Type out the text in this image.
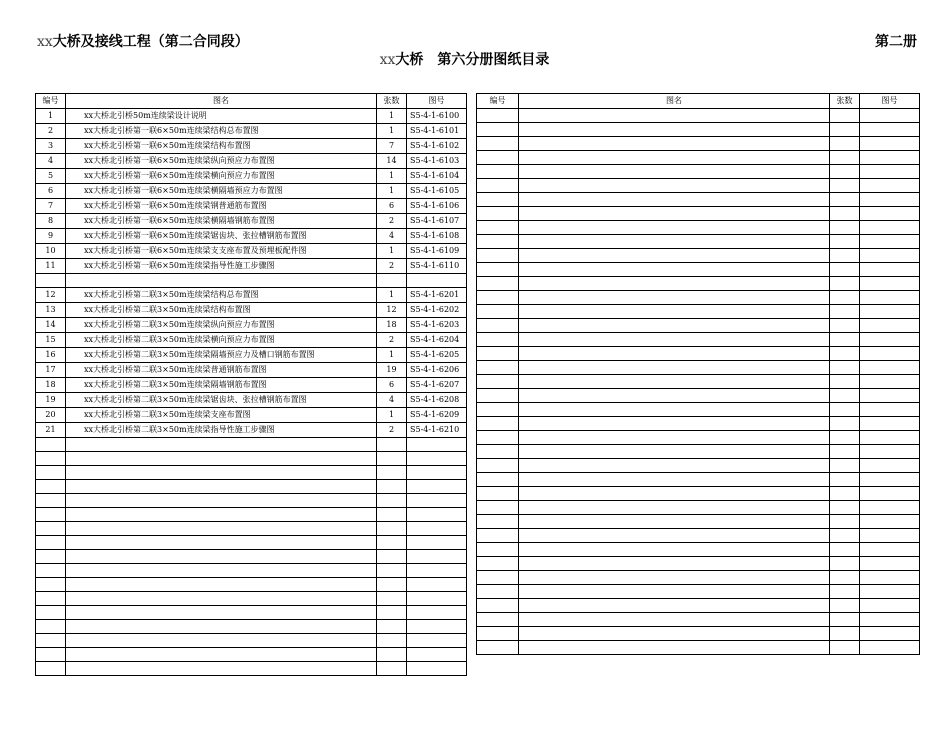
xx大桥及接线工程（第二合同段）	第二册
xx大桥　第六分册图纸目录
编号	图名	张数	图号
1	xx大桥北引桥50m连续梁设计说明	1	S5-4-1-6100
2	xx大桥北引桥第一联6×50m连续梁结构总布置图	1	S5-4-1-6101
3	xx大桥北引桥第一联6×50m连续梁结构布置图	7	S5-4-1-6102
4	xx大桥北引桥第一联6×50m连续梁纵向预应力布置图	14	S5-4-1-6103
5	xx大桥北引桥第一联6×50m连续梁横向预应力布置图	1	S5-4-1-6104
6	xx大桥北引桥第一联6×50m连续梁横隔墙预应力布置图	1	S5-4-1-6105
7	xx大桥北引桥第一联6×50m连续梁钢普通筋布置图	6	S5-4-1-6106
8	xx大桥北引桥第一联6×50m连续梁横隔墙钢筋布置图	2	S5-4-1-6107
9	xx大桥北引桥第一联6×50m连续梁锯齿块、张拉槽钢筋布置图	4	S5-4-1-6108
10	xx大桥北引桥第一联6×50m连续梁支支座布置及预埋板配件图	1	S5-4-1-6109
11	xx大桥北引桥第一联6×50m连续梁指导性施工步骤图	2	S5-4-1-6110

12	xx大桥北引桥第二联3×50m连续梁结构总布置图	1	S5-4-1-6201
13	xx大桥北引桥第二联3×50m连续梁结构布置图	12	S5-4-1-6202
14	xx大桥北引桥第二联3×50m连续梁纵向预应力布置图	18	S5-4-1-6203
15	xx大桥北引桥第二联3×50m连续梁横向预应力布置图	2	S5-4-1-6204
16	xx大桥北引桥第二联3×50m连续梁隔墙预应力及槽口钢筋布置图	1	S5-4-1-6205
17	xx大桥北引桥第二联3×50m连续梁普通钢筋布置图	19	S5-4-1-6206
18	xx大桥北引桥第二联3×50m连续梁隔墙钢筋布置图	6	S5-4-1-6207
19	xx大桥北引桥第二联3×50m连续梁锯齿块、张拉槽钢筋布置图	4	S5-4-1-6208
20	xx大桥北引桥第二联3×50m连续梁支座布置图	1	S5-4-1-6209
21	xx大桥北引桥第二联3×50m连续梁指导性施工步骤图	2	S5-4-1-6210

编号	图名	张数	图号
